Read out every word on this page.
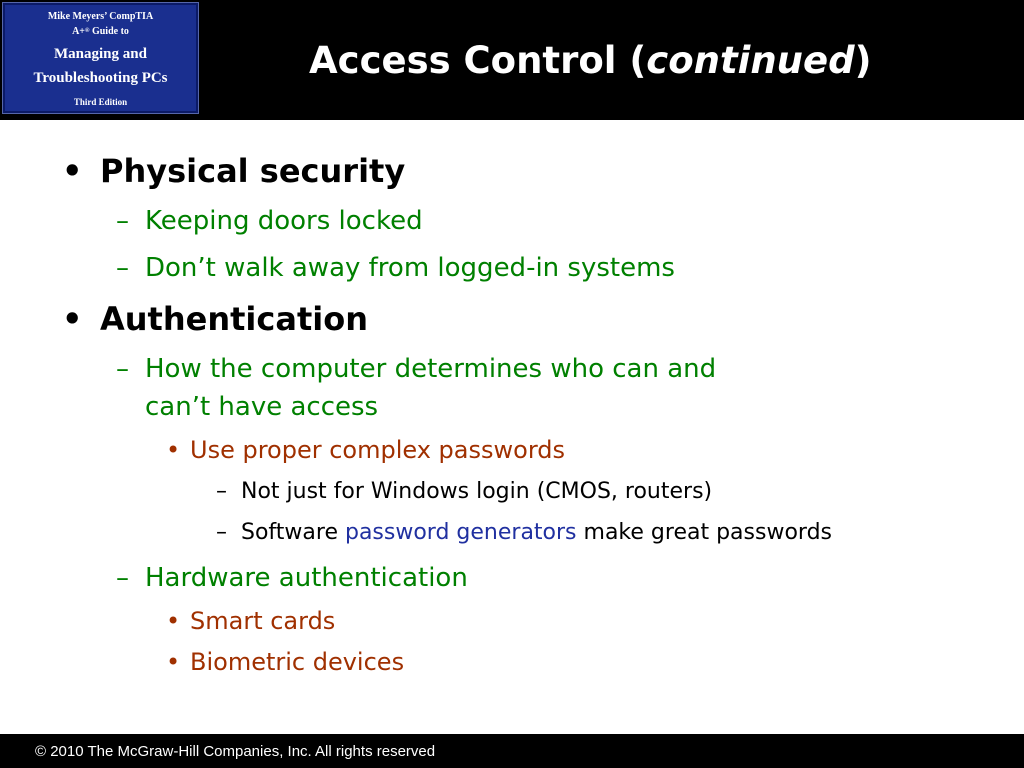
Mike Meyers’ CompTIA
A+® Guide to
Managing and
Troubleshooting PCs
Third Edition
Access Control (continued)
• Physical security
– Keeping doors locked
– Don’t walk away from logged-in systems
• Authentication
– How the computer determines who can and
can’t have access
• Use proper complex passwords
– Not just for Windows login (CMOS, routers)
– Software password generators make great passwords
– Hardware authentication
• Smart cards
• Biometric devices
© 2010 The McGraw-Hill Companies, Inc. All rights reserved
